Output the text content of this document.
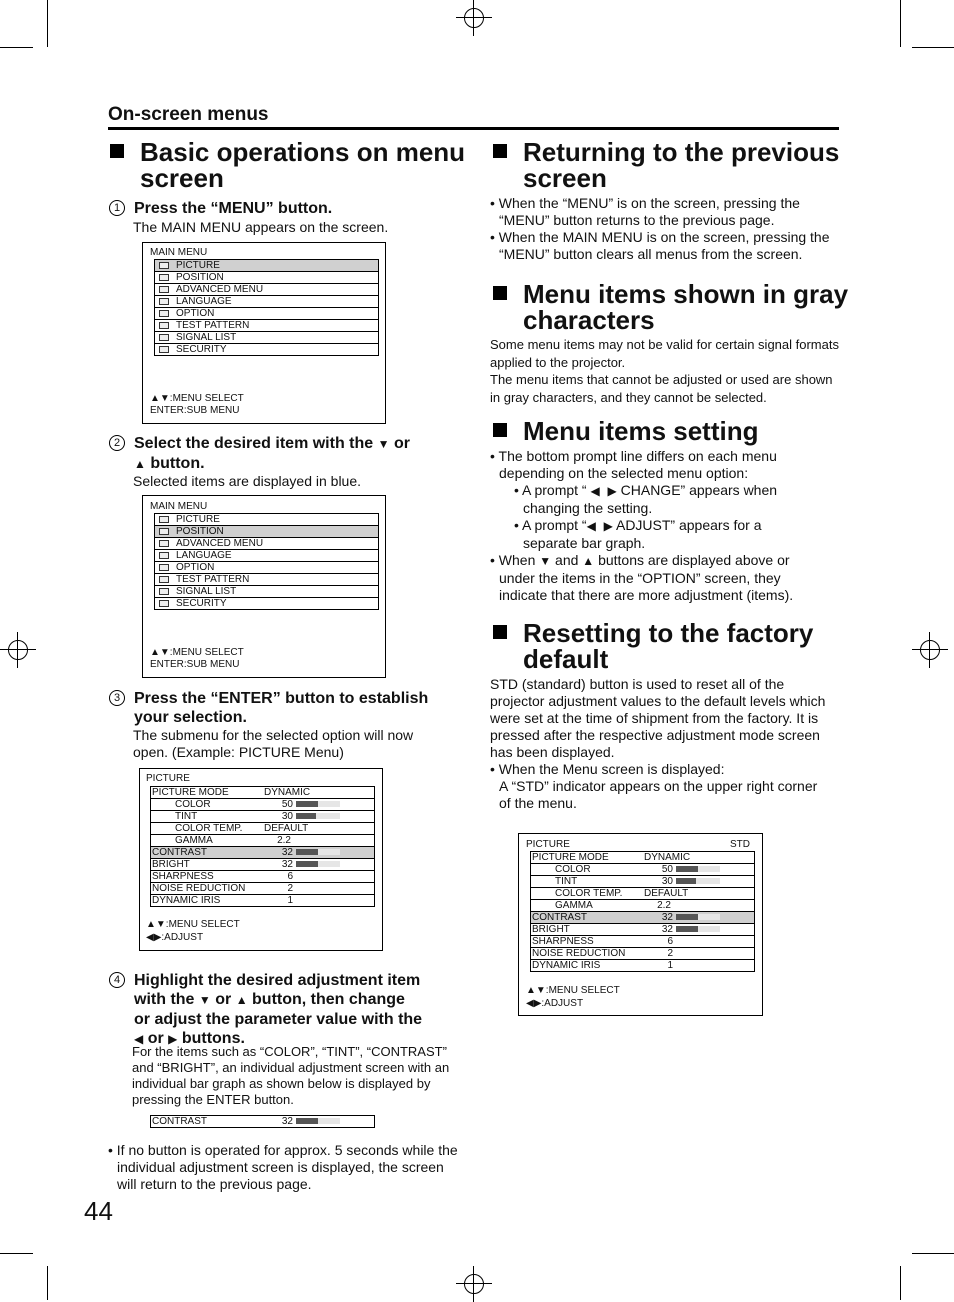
On-screen menus
Basic operations on menu
screen
1 Press the “MENU” button.
The MAIN MENU appears on the screen.
MAIN MENU
PICTURE
POSITION
ADVANCED MENU
LANGUAGE
OPTION
TEST PATTERN
SIGNAL LIST
SECURITY
▲▼:MENU SELECT
ENTER:SUB MENU
2 Select the desired item with the ▼ or
▲ button.
Selected items are displayed in blue.
MAIN MENU
PICTURE
POSITION
ADVANCED MENU
LANGUAGE
OPTION
TEST PATTERN
SIGNAL LIST
SECURITY
▲▼:MENU SELECT
ENTER:SUB MENU
3 Press the “ENTER” button to establish
your selection.
The submenu for the selected option will now
open. (Example: PICTURE Menu)
PICTURE
PICTURE MODE	DYNAMIC
COLOR	50
TINT	30
COLOR TEMP. DEFAULT
GAMMA	2.2
CONTRAST	32
BRIGHT	32
SHARPNESS	6
NOISE REDUCTION	2
DYNAMIC IRIS	1
▲▼:MENU SELECT
◀▶:ADJUST
4 Highlight the desired adjustment item
with the ▼ or ▲ button, then change
or adjust the parameter value with the
◀ or ▶ buttons.
For the items such as “COLOR”, “TINT”, “CONTRAST”
and “BRIGHT”, an individual adjustment screen with an
individual bar graph as shown below is displayed by
pressing the ENTER button.
CONTRAST	32
• If no button is operated for approx. 5 seconds while the
individual adjustment screen is displayed, the screen
will return to the previous page.
44
Returning to the previous
screen
• When the “MENU” is on the screen, pressing the
“MENU” button returns to the previous page.
• When the MAIN MENU is on the screen, pressing the
“MENU” button clears all menus from the screen.
Menu items shown in gray
characters
Some menu items may not be valid for certain signal formats
applied to the projector.
The menu items that cannot be adjusted or used are shown
in gray characters, and they cannot be selected.
Menu items setting
• The bottom prompt line differs on each menu
depending on the selected menu option:
• A prompt “ ◀ ▶ CHANGE” appears when
changing the setting.
• A prompt “◀ ▶ ADJUST” appears for a
separate bar graph.
• When ▼ and ▲ buttons are displayed above or
under the items in the “OPTION” screen, they
indicate that there are more adjustment (items).
Resetting to the factory
default
STD (standard) button is used to reset all of the
projector adjustment values to the default levels which
were set at the time of shipment from the factory. It is
pressed after the respective adjustment mode screen
has been displayed.
• When the Menu screen is displayed:
A “STD” indicator appears on the upper right corner
of the menu.
PICTURE	STD
PICTURE MODE	DYNAMIC
COLOR	50
TINT	30
COLOR TEMP. DEFAULT
GAMMA	2.2
CONTRAST	32
BRIGHT	32
SHARPNESS	6
NOISE REDUCTION	2
DYNAMIC IRIS	1
▲▼:MENU SELECT
◀▶:ADJUST
